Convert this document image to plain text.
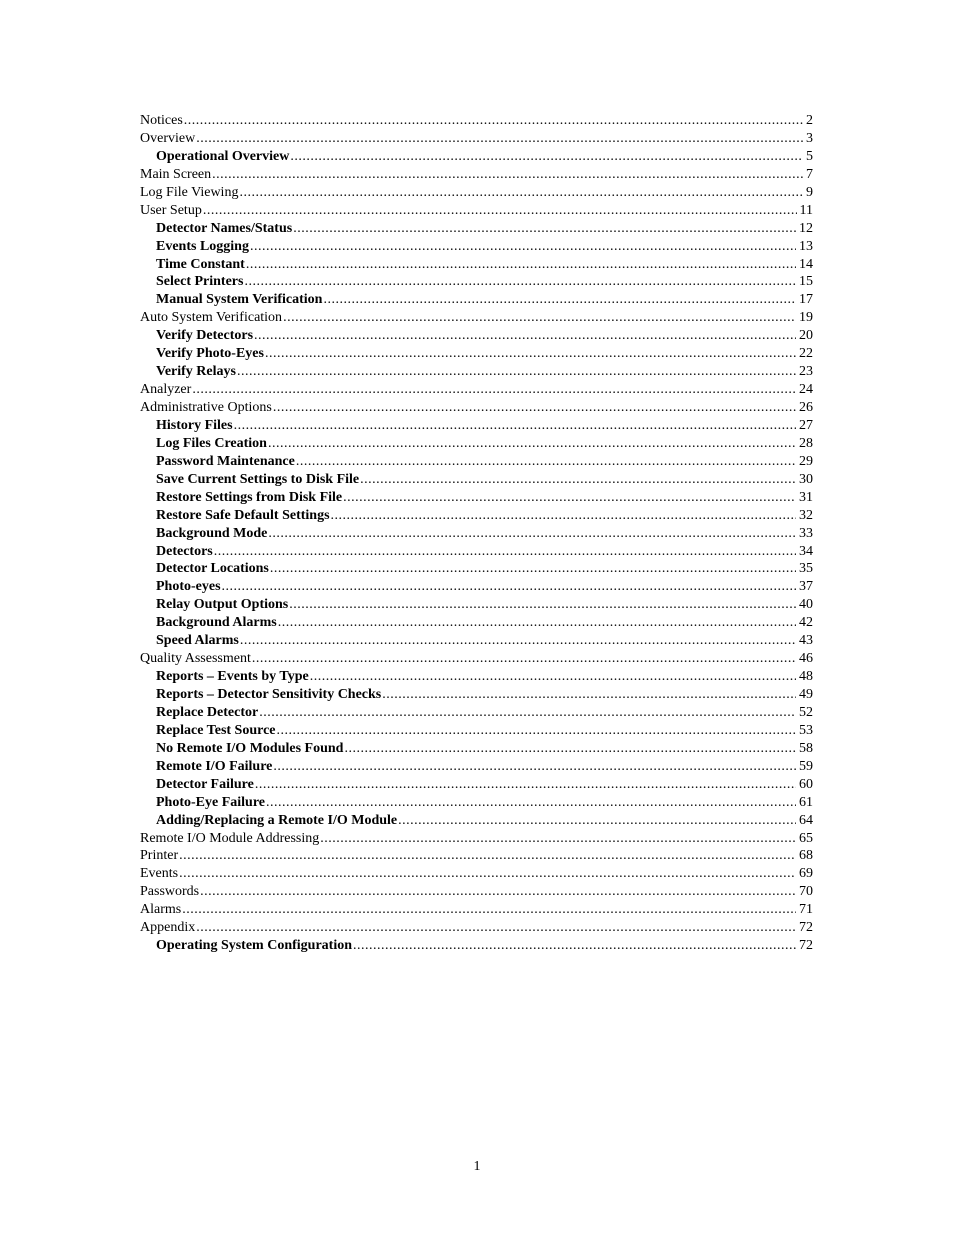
Notices .....	2
Overview .....	3
Operational Overview .....	5
Main Screen .....	7
Log File Viewing .....	9
User Setup .....	11
Detector Names/Status .....	12
Events Logging .....	13
Time Constant .....	14
Select Printers .....	15
Manual System Verification .....	17
Auto System Verification .....	19
Verify Detectors .....	20
Verify Photo-Eyes .....	22
Verify Relays .....	23
Analyzer .....	24
Administrative Options .....	26
History Files .....	27
Log Files Creation .....	28
Password Maintenance .....	29
Save Current Settings to Disk File .....	30
Restore Settings from Disk File .....	31
Restore Safe Default Settings .....	32
Background Mode .....	33
Detectors .....	34
Detector Locations .....	35
Photo-eyes .....	37
Relay Output Options .....	40
Background Alarms .....	42
Speed Alarms .....	43
Quality Assessment .....	46
Reports – Events by Type .....	48
Reports – Detector Sensitivity Checks .....	49
Replace Detector .....	52
Replace Test Source .....	53
No Remote I/O Modules Found .....	58
Remote I/O Failure .....	59
Detector Failure .....	60
Photo-Eye Failure .....	61
Adding/Replacing a Remote I/O Module .....	64
Remote I/O Module Addressing .....	65
Printer .....	68
Events .....	69
Passwords .....	70
Alarms .....	71
Appendix .....	72
Operating System Configuration .....	72
1
